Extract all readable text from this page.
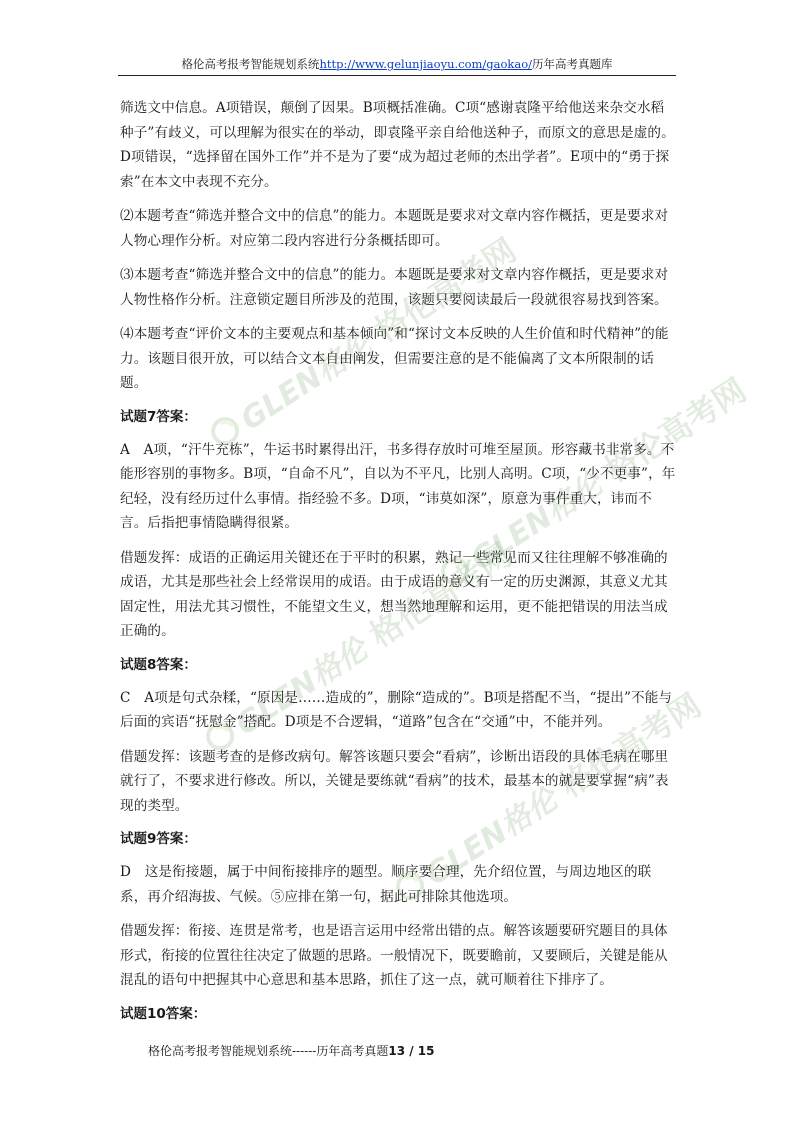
格伦高考报考智能规划系统http://www.gelunjiaoyu.com/gaokao/历年高考真题库
筛选文中信息。A项错误，颠倒了因果。B项概括准确。C项“感谢袁隆平给他送来杂交水稻种子”有歧义，可以理解为很实在的举动，即袁隆平亲自给他送种子，而原文的意思是虚的。D项错误，“选择留在国外工作”并不是为了要“成为超过老师的杰出学者”。E项中的“勇于探索”在本文中表现不充分。
⑵本题考查“筛选并整合文中的信息”的能力。本题既是要求对文章内容作概括，更是要求对人物心理作分析。对应第二段内容进行分条概括即可。
⑶本题考查“筛选并整合文中的信息”的能力。本题既是要求对文章内容作概括，更是要求对人物性格作分析。注意锁定题目所涉及的范围，该题只要阅读最后一段就很容易找到答案。
⑷本题考查“评价文本的主要观点和基本倾向”和“探讨文本反映的人生价值和时代精神”的能力。该题目很开放，可以结合文本自由阐发，但需要注意的是不能偏离了文本所限制的话题。
试题7答案：
A　A项，“汗牛充栋”，牛运书时累得出汗，书多得存放时可堆至屋顶。形容藏书非常多。不能形容别的事物多。B项，“自命不凡”，自以为不平凡，比别人高明。C项，“少不更事”，年纪轻，没有经历过什么事情。指经验不多。D项，“讳莫如深”，原意为事件重大，讳而不言。后指把事情隐瞒得很紧。
借题发挥：成语的正确运用关键还在于平时的积累，熟记一些常见而又往往理解不够准确的成语，尤其是那些社会上经常误用的成语。由于成语的意义有一定的历史渊源，其意义尤其固定性，用法尤其习惯性，不能望文生义，想当然地理解和运用，更不能把错误的用法当成正确的。
试题8答案：
C　A项是句式杂糅，“原因是……造成的”，删除“造成的”。B项是搭配不当，“提出”不能与后面的宾语“抚慰金”搭配。D项是不合逻辑，“道路”包含在“交通”中，不能并列。
借题发挥：该题考查的是修改病句。解答该题只要会“看病”，诊断出语段的具体毛病在哪里就行了，不要求进行修改。所以，关键是要练就“看病”的技术，最基本的就是要掌握“病”表现的类型。
试题9答案：
D　这是衔接题，属于中间衔接排序的题型。顺序要合理，先介绍位置，与周边地区的联系，再介绍海拔、气候。⑤应排在第一句，据此可排除其他选项。
借题发挥：衔接、连贯是常考，也是语言运用中经常出错的点。解答该题要研究题目的具体形式，衔接的位置往往决定了做题的思路。一般情况下，既要瞻前，又要顾后，关键是能从混乱的语句中把握其中心意思和基本思路，抓住了这一点，就可顺着往下排序了。
试题10答案：
格伦高考报考智能规划系统------历年高考真题13 / 15
GLEN格伦 格伦高考网
GLEN格伦 格伦高考网
GLEN格伦 格伦高考网
GLEN格伦 格伦高考网
